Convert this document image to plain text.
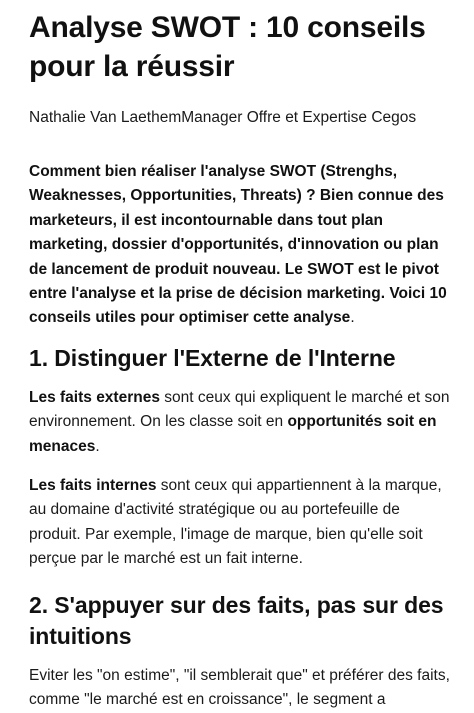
Analyse SWOT : 10 conseils pour la réussir

Nathalie Van LaethemManager Offre et Expertise Cegos

Comment bien réaliser l'analyse SWOT (Strenghs, Weaknesses, Opportunities, Threats) ? Bien connue des marketeurs, il est incontournable dans tout plan marketing, dossier d'opportunités, d'innovation ou plan de lancement de produit nouveau. Le SWOT est le pivot entre l'analyse et la prise de décision marketing. Voici 10 conseils utiles pour optimiser cette analyse.

1. Distinguer l'Externe de l'Interne

Les faits externes sont ceux qui expliquent le marché et son environnement. On les classe soit en opportunités soit en menaces.

Les faits internes sont ceux qui appartiennent à la marque, au domaine d'activité stratégique ou au portefeuille de produit. Par exemple, l'image de marque, bien qu'elle soit perçue par le marché est un fait interne.

2. S'appuyer sur des faits, pas sur des intuitions

Eviter les "on estime", "il semblerait que" et préférer des faits, comme "le marché est en croissance", le segment a
